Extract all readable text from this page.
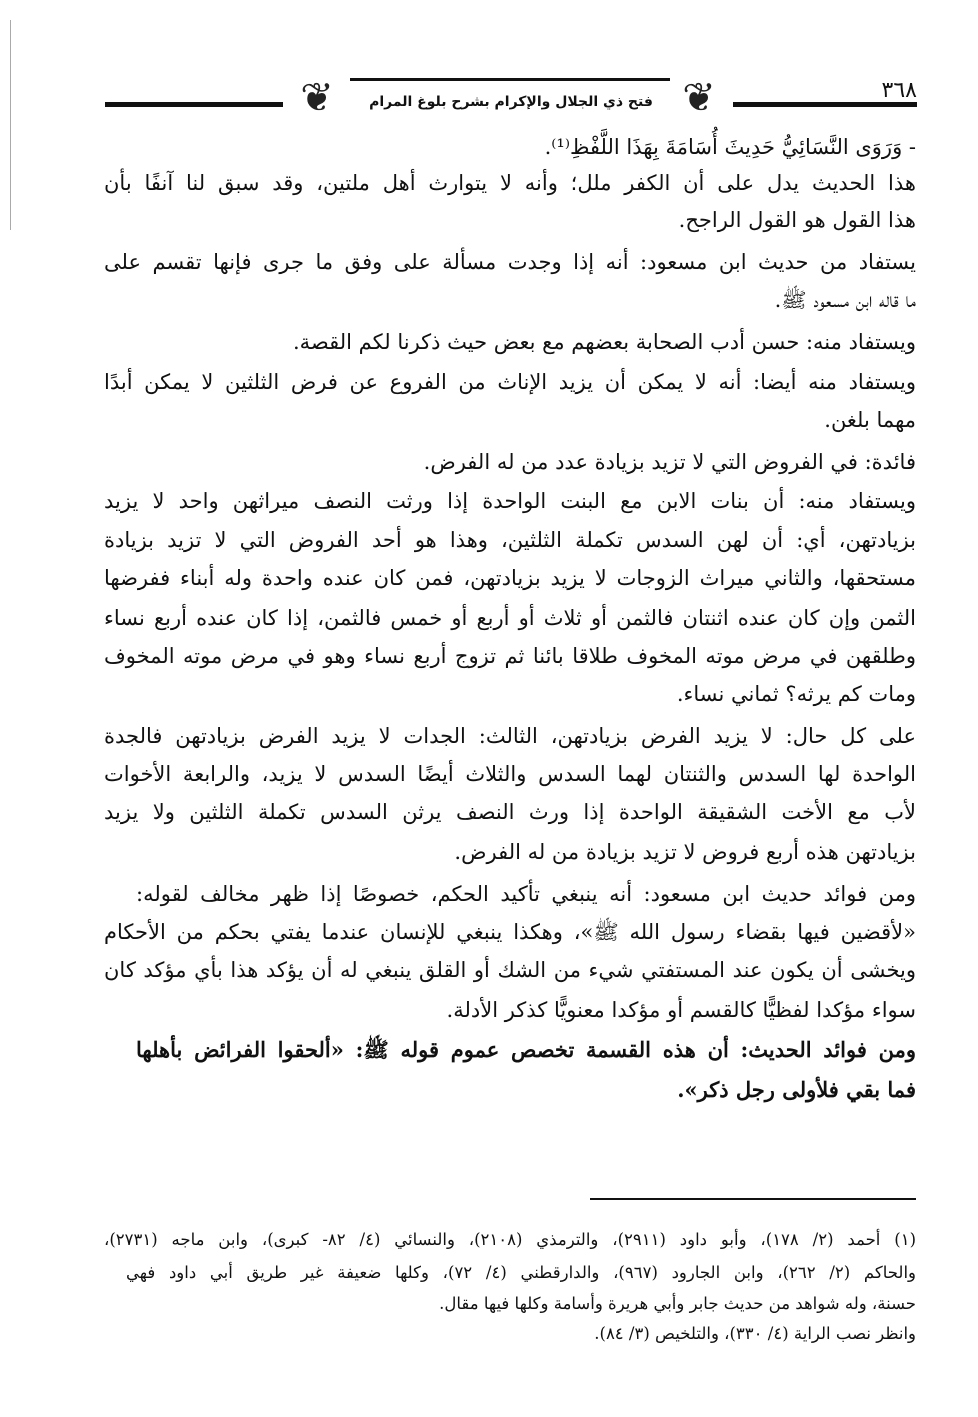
❦	❦
فتح ذي الجلال والإكرام بشرح بلوغ المرام	٣٦٨
- وَرَوَى النَّسَائِيُّ حَدِيثَ أُسَامَةَ بِهَذَا اللَّفْظِ⁽¹⁾.
هذا الحديث يدل على أن الكفر ملل؛ وأنه لا يتوارث أهل ملتين، وقد سبق لنا آنفًا بأن
هذا القول هو القول الراجح.
يستفاد من حديث ابن مسعود: أنه إذا وجدت مسألة على وفق ما جرى فإنها تقسم على
ما قاله ابن مسعود ﷺ.
ويستفاد منه: حسن أدب الصحابة بعضهم مع بعض حيث ذكرنا لكم القصة.
ويستفاد منه أيضا: أنه لا يمكن أن يزيد الإناث من الفروع عن فرض الثلثين لا يمكن أبدًا
مهما بلغن.
فائدة: في الفروض التي لا تزيد بزيادة عدد من له الفرض.
ويستفاد منه: أن بنات الابن مع البنت الواحدة إذا ورثت النصف ميراثهن واحد لا يزيد
بزيادتهن، أي: أن لهن السدس تكملة الثلثين، وهذا هو أحد الفروض التي لا تزيد بزيادة
مستحقها، والثاني ميراث الزوجات لا يزيد بزيادتهن، فمن كان عنده واحدة وله أبناء ففرضها
الثمن وإن كان عنده اثنتان فالثمن أو ثلاث أو أربع أو خمس فالثمن، إذا كان عنده أربع نساء
وطلقهن في مرض موته المخوف طلاقا بائنا ثم تزوج أربع نساء وهو في مرض موته المخوف
ومات كم يرثه؟ ثماني نساء.
على كل حال: لا يزيد الفرض بزيادتهن، الثالث: الجدات لا يزيد الفرض بزيادتهن فالجدة
الواحدة لها السدس والثنتان لهما السدس والثلاث أيضًا السدس لا يزيد، والرابعة الأخوات
لأب مع الأخت الشقيقة الواحدة إذا ورث النصف يرثن السدس تكملة الثلثين ولا يزيد
بزيادتهن هذه أربع فروض لا تزيد بزيادة من له الفرض.
ومن فوائد حديث ابن مسعود: أنه ينبغي تأكيد الحكم، خصوصًا إذا ظهر مخالف لقوله:
«لأقضين فيها بقضاء رسول الله ﷺ»، وهكذا ينبغي للإنسان عندما يفتي بحكم من الأحكام
ويخشى أن يكون عند المستفتي شيء من الشك أو القلق ينبغي له أن يؤكد هذا بأي مؤكد كان
سواء مؤكدا لفظيًّا كالقسم أو مؤكدا معنويًّا كذكر الأدلة.
ومن فوائد الحديث: أن هذه القسمة تخصص عموم قوله ﷺ: «ألحقوا الفرائض بأهلها
فما بقي فلأولى رجل ذكر».
(١) أحمد (٢/ ١٧٨)، وأبو داود (٢٩١١)، والترمذي (٢١٠٨)، والنسائي (٤/ ٨٢- كبرى)، وابن ماجه (٢٧٣١)،
والحاكم (٢/ ٢٦٢)، وابن الجارود (٩٦٧)، والدارقطني (٤/ ٧٢)، وكلها ضعيفة غير طريق أبي داود فهي
حسنة، وله شواهد من حديث جابر وأبي هريرة وأسامة وكلها فيها مقال.
وانظر نصب الراية (٤/ ٣٣٠)، والتلخيص (٣/ ٨٤).
